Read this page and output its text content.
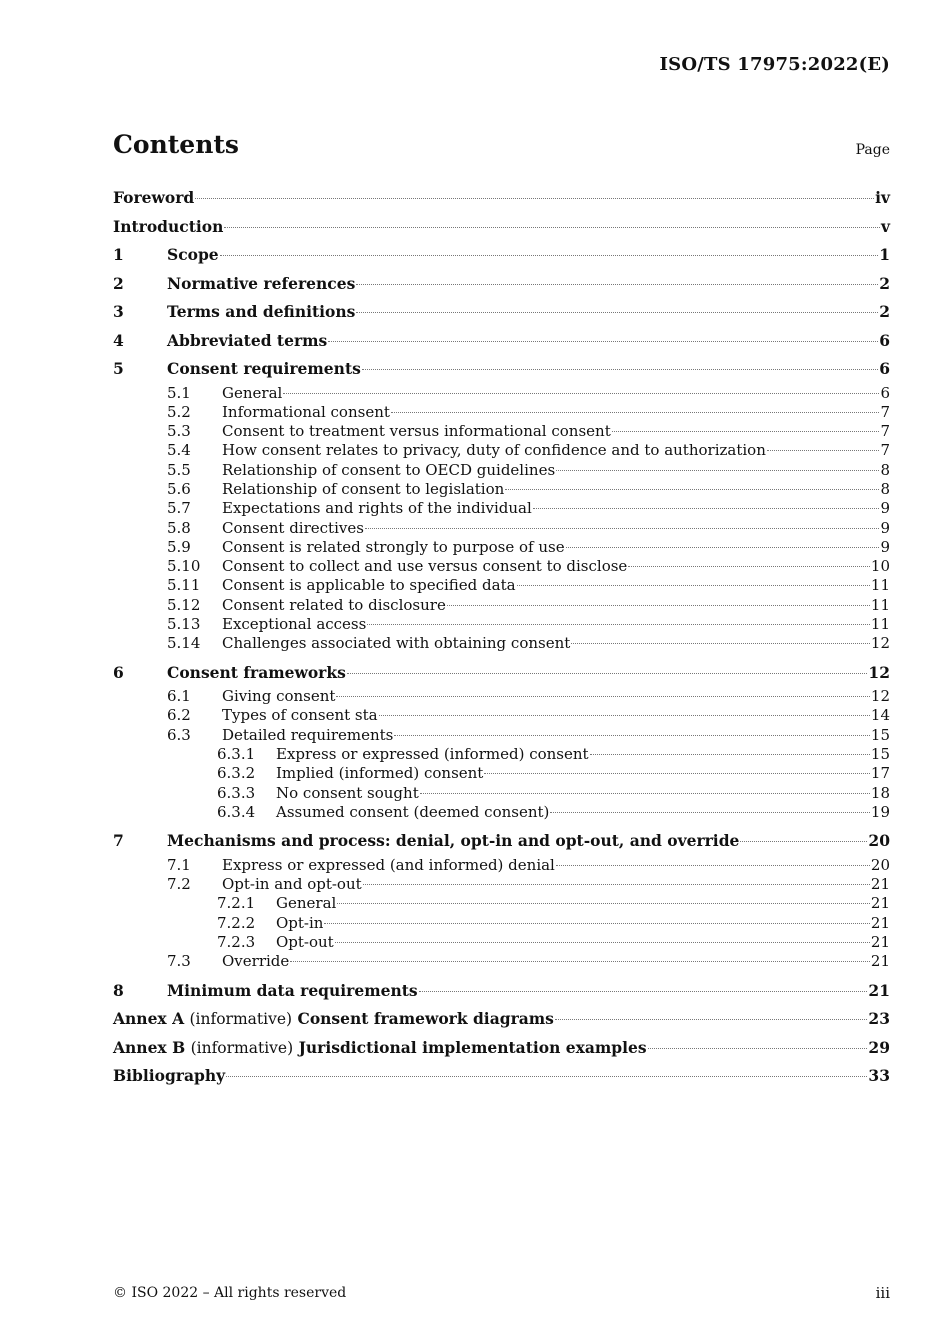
ISO/TS 17975:2022(E)
Contents	Page
Foreword	iv
Introduction	v
1	Scope	1
2	Normative references	2
3	Terms and definitions	2
4	Abbreviated terms	6
5	Consent requirements	6
5.1	General	6
5.2	Informational consent	7
5.3	Consent to treatment versus informational consent	7
5.4	How consent relates to privacy, duty of confidence and to authorization	7
5.5	Relationship of consent to OECD guidelines	8
5.6	Relationship of consent to legislation	8
5.7	Expectations and rights of the individual	9
5.8	Consent directives	9
5.9	Consent is related strongly to purpose of use	9
5.10	Consent to collect and use versus consent to disclose	10
5.11	Consent is applicable to specified data	11
5.12	Consent related to disclosure	11
5.13	Exceptional access	11
5.14	Challenges associated with obtaining consent	12
6	Consent frameworks	12
6.1	Giving consent	12
6.2	Types of consent sta	14
6.3	Detailed requirements	15
6.3.1	Express or expressed (informed) consent	15
6.3.2	Implied (informed) consent	17
6.3.3	No consent sought	18
6.3.4	Assumed consent (deemed consent)	19
7	Mechanisms and process: denial, opt-in and opt-out, and override	20
7.1	Express or expressed (and informed) denial	20
7.2	Opt-in and opt-out	21
7.2.1	General	21
7.2.2	Opt-in	21
7.2.3	Opt-out	21
7.3	Override	21
8	Minimum data requirements	21
Annex A (informative) Consent framework diagrams	23
Annex B (informative) Jurisdictional implementation examples	29
Bibliography	33
© ISO 2022 – All rights reserved	iii
